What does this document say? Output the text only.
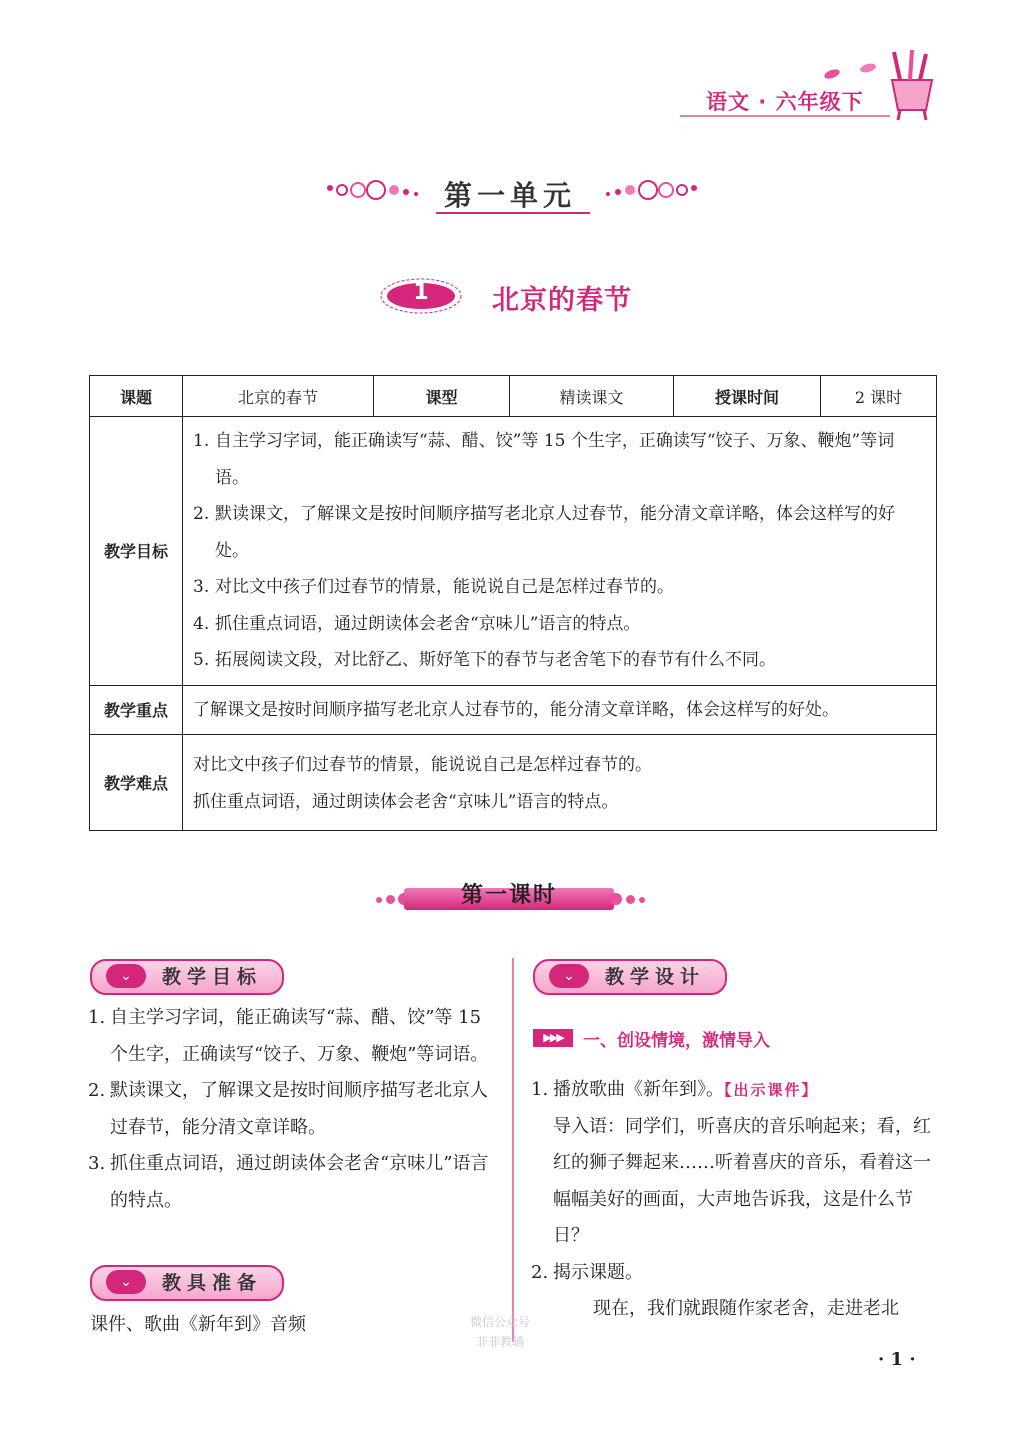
语文 · 六年级下
第一单元
1	北京的春节
课题	北京的春节	课型	精读课文	授课时间	2 课时
教学目标	1. 自主学习字词，能正确读写“蒜、醋、饺”等 15 个生字，正确读写“饺子、万象、鞭炮”等词语。
2. 默读课文，了解课文是按时间顺序描写老北京人过春节，能分清文章详略，体会这样写的好处。
3. 对比文中孩子们过春节的情景，能说说自己是怎样过春节的。
4. 抓住重点词语，通过朗读体会老舍“京味儿”语言的特点。
5. 拓展阅读文段，对比舒乙、斯妤笔下的春节与老舍笔下的春节有什么不同。				

教学重点	了解课文是按时间顺序描写老北京人过春节的，能分清文章详略，体会这样写的好处。				
教学难点	对比文中孩子们过春节的情景，能说说自己是怎样过春节的。
抓住重点词语，通过朗读体会老舍“京味儿”语言的特点。				
第一课时
⌄	教学目标
1. 自主学习字词，能正确读写“蒜、醋、饺”等 15 个生字，正确读写“饺子、万象、鞭炮”等词语。
2. 默读课文，了解课文是按时间顺序描写老北京人过春节，能分清文章详略。
3. 抓住重点词语，通过朗读体会老舍“京味儿”语言的特点。
⌄	教具准备
课件、歌曲《新年到》音频
⌄	教学设计
▶▶▶	一、创设情境，激情导入
1. 播放歌曲《新年到》。【出示课件】
导入语：同学们，听喜庆的音乐响起来；看，红红的狮子舞起来……听着喜庆的音乐，看着这一幅幅美好的画面，大声地告诉我，这是什么节日？
2. 揭示课题。
现在，我们就跟随作家老舍，走进老北
微信公众号
菲菲教辅
· 1 ·
